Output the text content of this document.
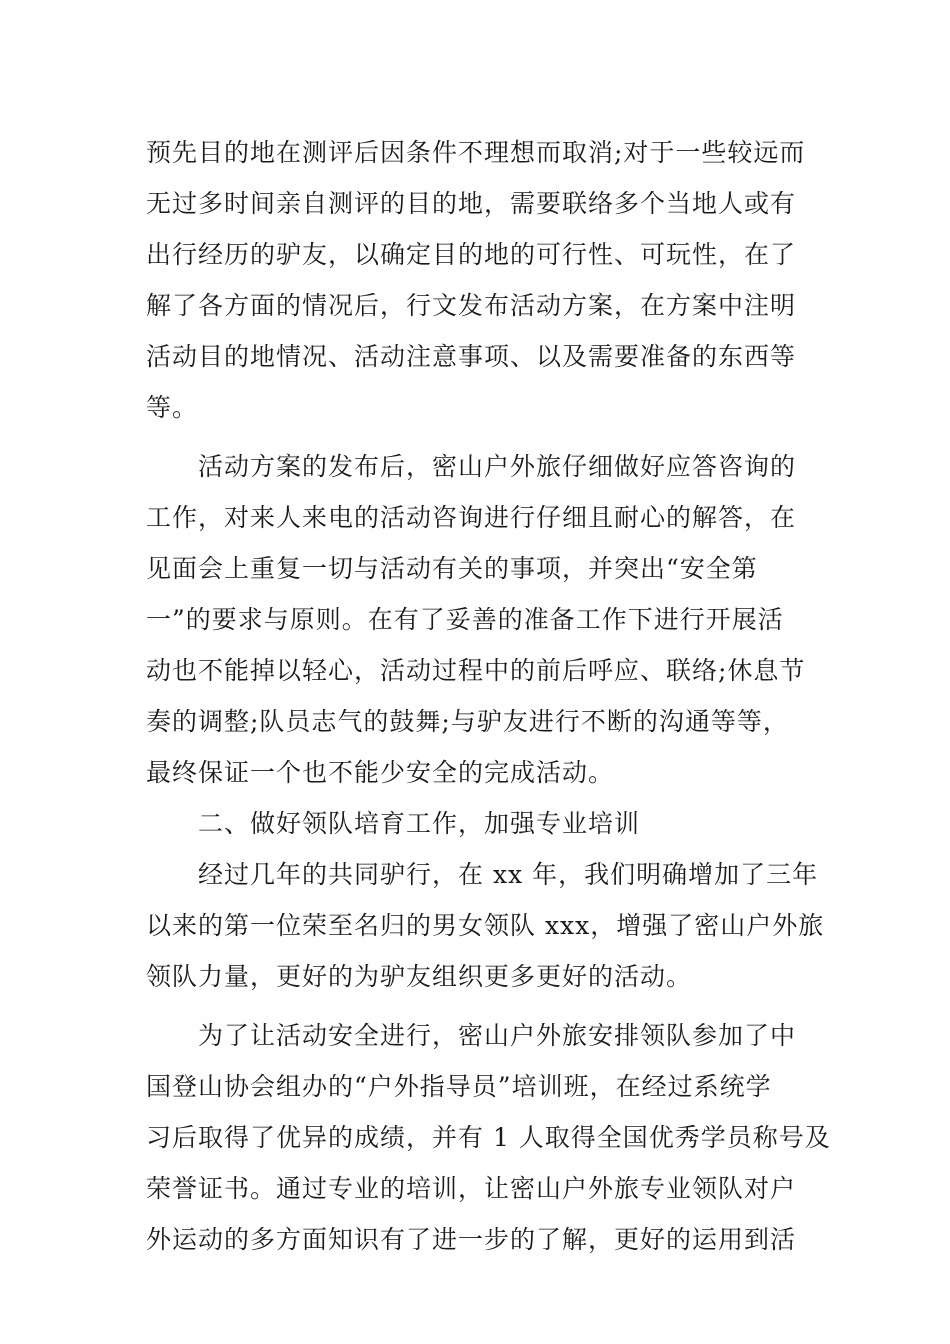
预先目的地在测评后因条件不理想而取消;对于一些较远而
无过多时间亲自测评的目的地，需要联络多个当地人或有
出行经历的驴友，以确定目的地的可行性、可玩性，在了
解了各方面的情况后，行文发布活动方案，在方案中注明
活动目的地情况、活动注意事项、以及需要准备的东西等
等。
活动方案的发布后，密山户外旅仔细做好应答咨询的
工作，对来人来电的活动咨询进行仔细且耐心的解答，在
见面会上重复一切与活动有关的事项，并突出“安全第
一”的要求与原则。在有了妥善的准备工作下进行开展活
动也不能掉以轻心，活动过程中的前后呼应、联络;休息节
奏的调整;队员志气的鼓舞;与驴友进行不断的沟通等等，
最终保证一个也不能少安全的完成活动。
二、做好领队培育工作，加强专业培训
经过几年的共同驴行，在 xx 年，我们明确增加了三年
以来的第一位荣至名归的男女领队 xxx，增强了密山户外旅
领队力量，更好的为驴友组织更多更好的活动。
为了让活动安全进行，密山户外旅安排领队参加了中
国登山协会组办的“户外指导员”培训班，在经过系统学
习后取得了优异的成绩，并有 1 人取得全国优秀学员称号及
荣誉证书。通过专业的培训，让密山户外旅专业领队对户
外运动的多方面知识有了进一步的了解，更好的运用到活
